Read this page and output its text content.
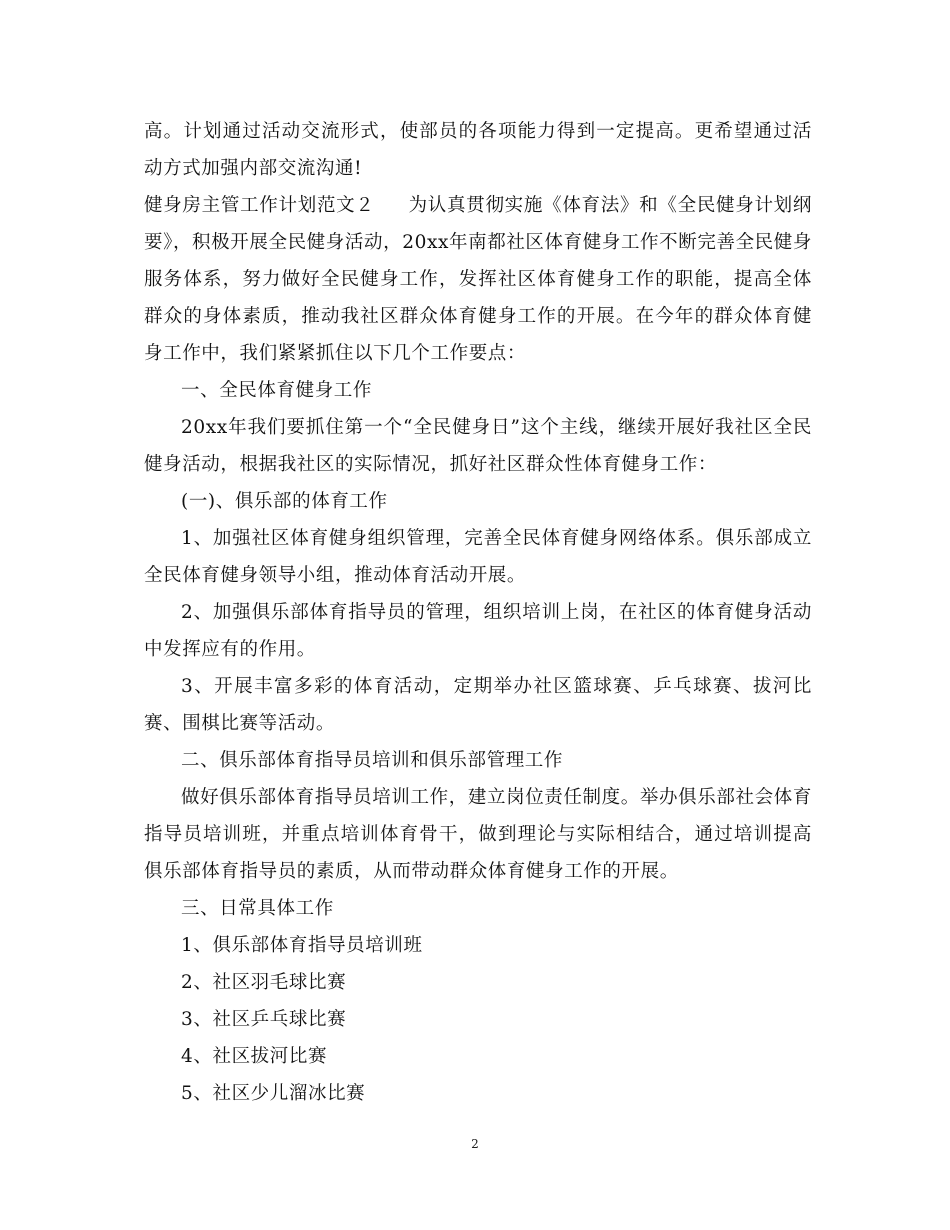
高。计划通过活动交流形式，使部员的各项能力得到一定提高。更希望通过活动方式加强内部交流沟通!

健身房主管工作计划范文２ 为认真贯彻实施《体育法》和《全民健身计划纲要》，积极开展全民健身活动，20xx年南都社区体育健身工作不断完善全民健身服务体系，努力做好全民健身工作，发挥社区体育健身工作的职能，提高全体群众的身体素质，推动我社区群众体育健身工作的开展。在今年的群众体育健身工作中，我们紧紧抓住以下几个工作要点：

一、全民体育健身工作

20xx年我们要抓住第一个“全民健身日”这个主线，继续开展好我社区全民健身活动，根据我社区的实际情况，抓好社区群众性体育健身工作：

(一)、俱乐部的体育工作

1、加强社区体育健身组织管理，完善全民体育健身网络体系。俱乐部成立全民体育健身领导小组，推动体育活动开展。

2、加强俱乐部体育指导员的管理，组织培训上岗，在社区的体育健身活动中发挥应有的作用。

3、开展丰富多彩的体育活动，定期举办社区篮球赛、乒乓球赛、拔河比赛、围棋比赛等活动。

二、俱乐部体育指导员培训和俱乐部管理工作

做好俱乐部体育指导员培训工作，建立岗位责任制度。举办俱乐部社会体育指导员培训班，并重点培训体育骨干，做到理论与实际相结合，通过培训提高俱乐部体育指导员的素质，从而带动群众体育健身工作的开展。

三、日常具体工作

1、俱乐部体育指导员培训班

2、社区羽毛球比赛

3、社区乒乓球比赛

4、社区拔河比赛

5、社区少儿溜冰比赛

2
